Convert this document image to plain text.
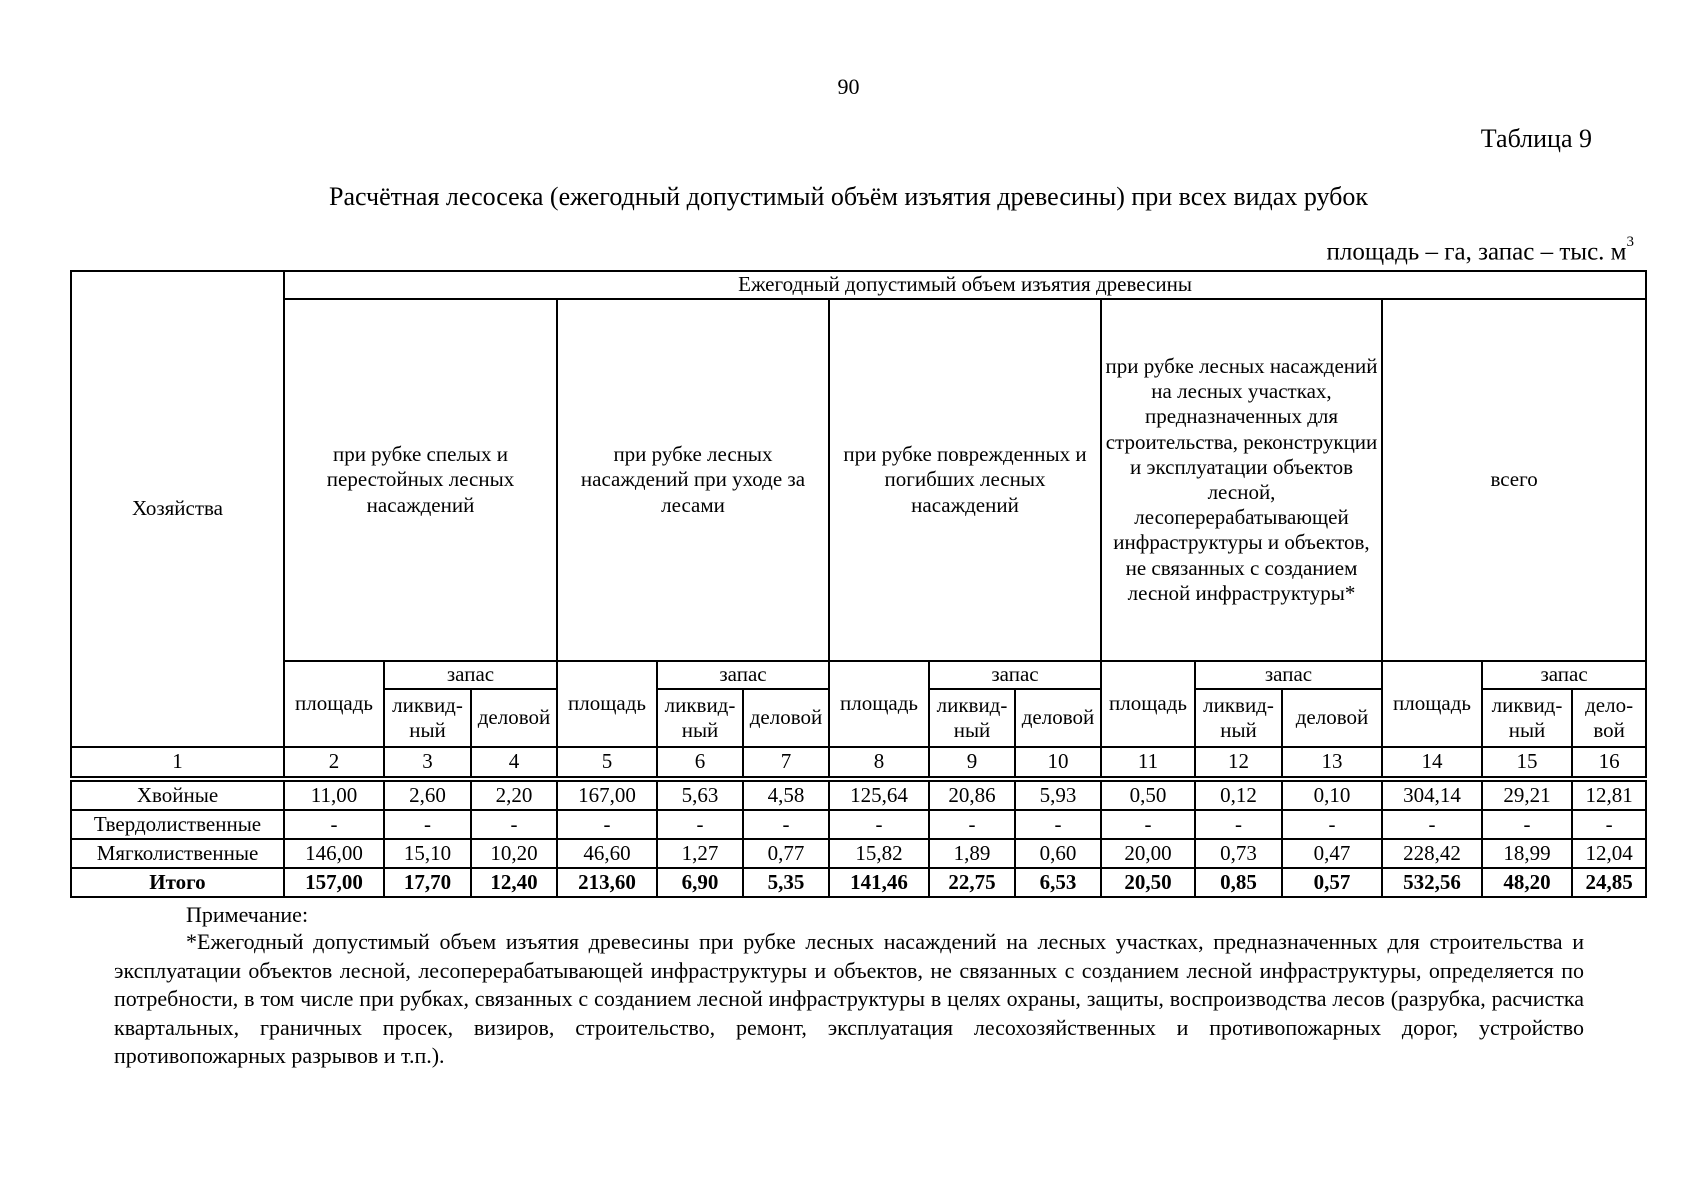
90
Таблица 9
Расчётная лесосека (ежегодный допустимый объём изъятия древесины) при всех видах рубок
площадь – га, запас – тыс. $м^3$
Хозяйства	Ежегодный допустимый объем изъятия древесины														
	при рубке спелых и перестойных лесных насаждений			при рубке лесных насаждений при уходе за лесами			при рубке поврежденных и погибших лесных насаждений			при рубке лесных насаждений на лесных участках, предназначенных для строительства, реконструкции и эксплуатации объектов лесной, лесоперерабатывающей инфраструктуры и объектов, не связанных с созданием лесной инфраструктуры*			всего		
	площадь	запас		площадь	запас		площадь	запас		площадь	запас		площадь	запас	
		ликвид-ный	деловой		ликвид-ный	деловой		ликвид-ный	деловой		ликвид-ный	деловой		ликвид-ный	дело-вой
1	2	3	4	5	6	7	8	9	10	11	12	13	14	15	16
Хвойные	11,00	2,60	2,20	167,00	5,63	4,58	125,64	20,86	5,93	0,50	0,12	0,10	304,14	29,21	12,81
Твердолиственные	-	-	-	-	-	-	-	-	-	-	-	-	-	-	-
Мягколиственные	146,00	15,10	10,20	46,60	1,27	0,77	15,82	1,89	0,60	20,00	0,73	0,47	228,42	18,99	12,04
Итого	157,00	17,70	12,40	213,60	6,90	5,35	141,46	22,75	6,53	20,50	0,85	0,57	532,56	48,20	24,85
Примечание:
*Ежегодный допустимый объем изъятия древесины при рубке лесных насаждений на лесных участках, предназначенных для строительства и эксплуатации объектов лесной, лесоперерабатывающей инфраструктуры и объектов, не связанных с созданием лесной инфраструктуры, определяется по потребности, в том числе при рубках, связанных с созданием лесной инфраструктуры в целях охраны, защиты, воспроизводства лесов (разрубка, расчистка квартальных, граничных просек, визиров, строительство, ремонт, эксплуатация лесохозяйственных и противопожарных дорог, устройство противопожарных разрывов и т.п.).
